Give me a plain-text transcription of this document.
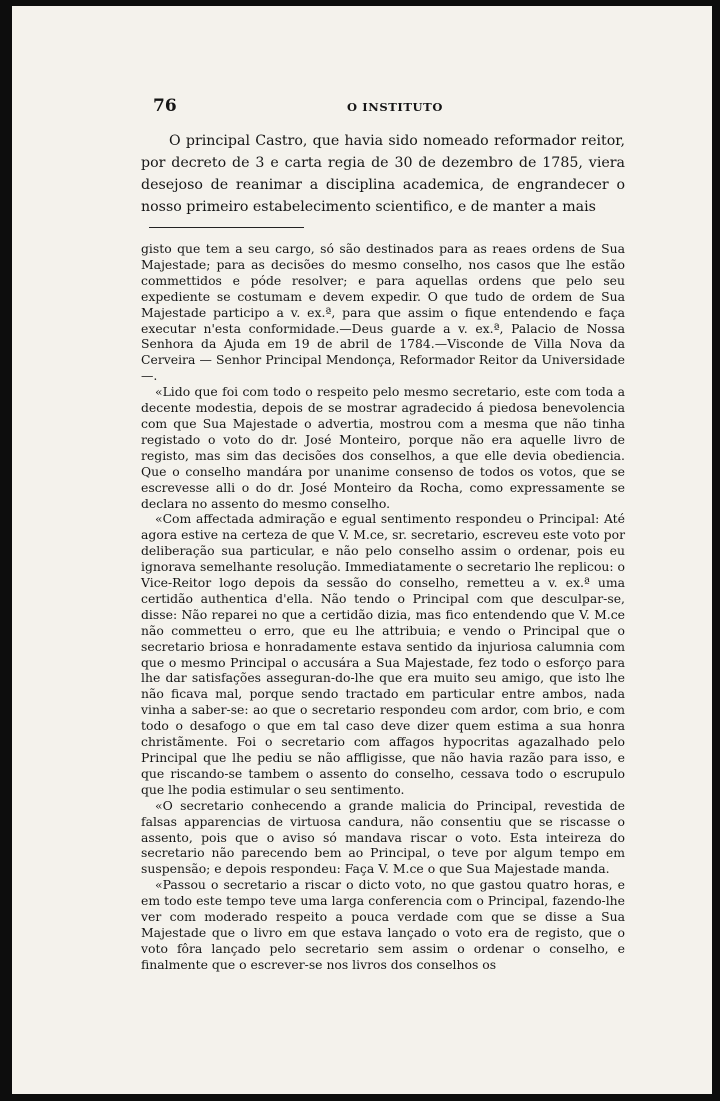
76	O INSTITUTO

O principal Castro, que havia sido nomeado reformador reitor, por decreto de 3 e carta regia de 30 de dezembro de 1785, viera desejoso de reanimar a disciplina academica, de engrandecer o nosso primeiro estabelecimento scientifico, e de manter a mais

gisto que tem a seu cargo, só são destinados para as reaes ordens de Sua Majestade; para as decisões do mesmo conselho, nos casos que lhe estão commettidos e póde resolver; e para aquellas ordens que pelo seu expediente se costumam e devem expedir. O que tudo de ordem de Sua Majestade participo a v. ex.ª, para que assim o fique entendendo e faça executar n'esta conformidade.—Deus guarde a v. ex.ª, Palacio de Nossa Senhora da Ajuda em 19 de abril de 1784.—Visconde de Villa Nova da Cerveira — Senhor Principal Mendonça, Reformador Reitor da Universidade—.

«Lido que foi com todo o respeito pelo mesmo secretario, este com toda a decente modestia, depois de se mostrar agradecido á piedosa benevolencia com que Sua Majestade o advertia, mostrou com a mesma que não tinha registado o voto do dr. José Monteiro, porque não era aquelle livro de registo, mas sim das decisões dos conselhos, a que elle devia obediencia. Que o conselho mandára por unanime consenso de todos os votos, que se escrevesse alli o do dr. José Monteiro da Rocha, como expressamente se declara no assento do mesmo conselho.

«Com affectada admiração e egual sentimento respondeu o Principal: Até agora estive na certeza de que V. M.ce, sr. secretario, escreveu este voto por deliberação sua particular, e não pelo conselho assim o ordenar, pois eu ignorava semelhante resolução. Immediatamente o secretario lhe replicou: o Vice-Reitor logo depois da sessão do conselho, remetteu a v. ex.ª uma certidão authentica d'ella. Não tendo o Principal com que desculpar-se, disse: Não reparei no que a certidão dizia, mas fico entendendo que V. M.ce não commetteu o erro, que eu lhe attribuia; e vendo o Principal que o secretario briosa e honradamente estava sentido da injuriosa calumnia com que o mesmo Principal o accusára a Sua Majestade, fez todo o esforço para lhe dar satisfações asseguran-do-lhe que era muito seu amigo, que isto lhe não ficava mal, porque sendo tractado em particular entre ambos, nada vinha a saber-se: ao que o secretario respondeu com ardor, com brio, e com todo o desafogo o que em tal caso deve dizer quem estima a sua honra christãmente. Foi o secretario com affagos hypocritas agazalhado pelo Principal que lhe pediu se não affligisse, que não havia razão para isso, e que riscando-se tambem o assento do conselho, cessava todo o escrupulo que lhe podia estimular o seu sentimento.

«O secretario conhecendo a grande malicia do Principal, revestida de falsas apparencias de virtuosa candura, não consentiu que se riscasse o assento, pois que o aviso só mandava riscar o voto. Esta inteireza do secretario não parecendo bem ao Principal, o teve por algum tempo em suspensão; e depois respondeu: Faça V. M.ce o que Sua Majestade manda.

«Passou o secretario a riscar o dicto voto, no que gastou quatro horas, e em todo este tempo teve uma larga conferencia com o Principal, fazendo-lhe ver com moderado respeito a pouca verdade com que se disse a Sua Majestade que o livro em que estava lançado o voto era de registo, que o voto fôra lançado pelo secretario sem assim o ordenar o conselho, e finalmente que o escrever-se nos livros dos conselhos os
